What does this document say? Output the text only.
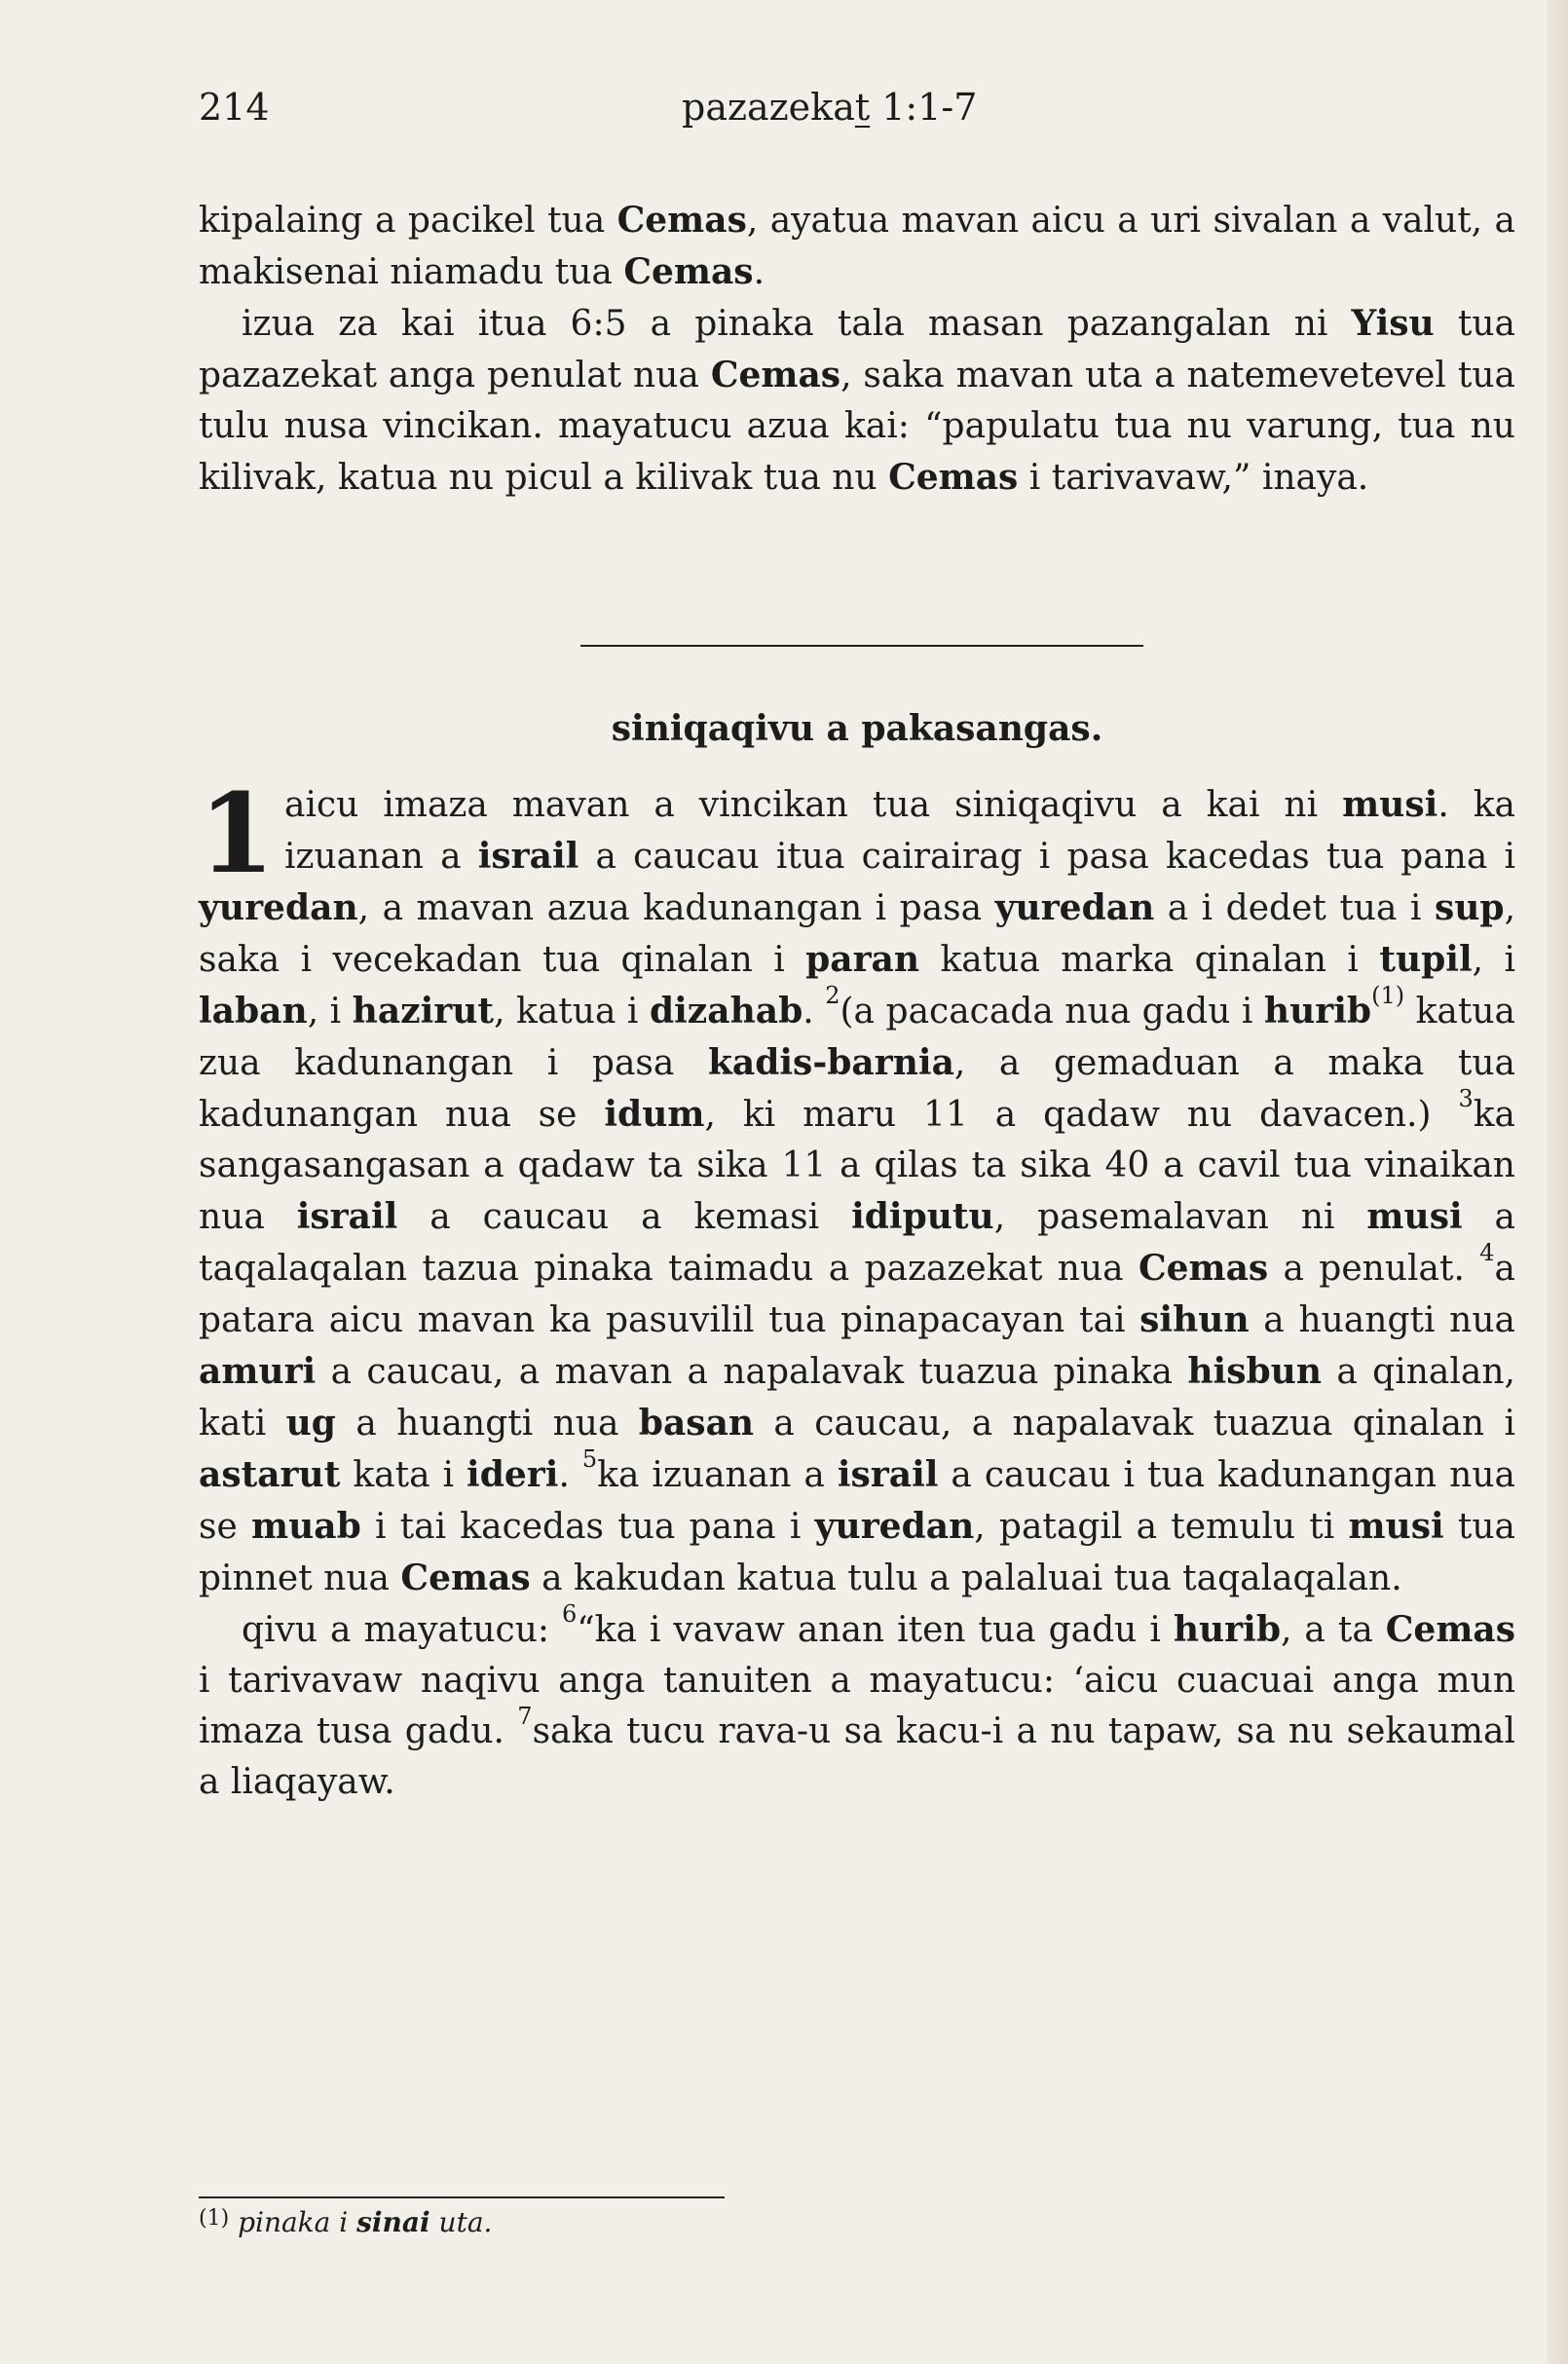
214	pazazekat 1:1-7

kipalaing a pacikel tua Cemas, ayatua mavan aicu a uri sivalan a valut, a makisenai niamadu tua Cemas.

izua za kai itua 6:5 a pinaka tala masan pazangalan ni Yisu tua pazazekat anga penulat nua Cemas, saka mavan uta a natemevetevel tua tulu nusa vincikan. mayatucu azua kai: “papulatu tua nu varung, tua nu kilivak, katua nu picul a kilivak tua nu Cemas i tarivavaw,” inaya.

siniqaqivu a pakasangas.

1 aicu imaza mavan a vincikan tua siniqaqivu a kai ni musi. ka izuanan a israil a caucau itua cairairag i pasa kacedas tua pana i yuredan, a mavan azua kadunangan i pasa yuredan a i dedet tua i sup, saka i vecekadan tua qinalan i paran katua marka qinalan i tupil, i laban, i hazirut, katua i dizahab. $^2$(a pacacada nua gadu i hurib$^{(1)}$ katua zua kadunangan i pasa kadis-barnia, a gemaduan a maka tua kadunangan nua se idum, ki maru 11 a qadaw nu davacen.) $^3$ka sangasangasan a qadaw ta sika 11 a qilas ta sika 40 a cavil tua vinaikan nua israil a caucau a kemasi idiputu, pasemalavan ni musi a taqalaqalan tazua pinaka taimadu a pazazekat nua Cemas a penulat. $^4$a patara aicu mavan ka pasuvilil tua pinapacayan tai sihun a huangti nua amuri a caucau, a mavan a napalavak tuazua pinaka hisbun a qinalan, kati ug a huangti nua basan a caucau, a napalavak tuazua qinalan i astarut kata i ideri. $^5$ka izuanan a israil a caucau i tua kadunangan nua se muab i tai kacedas tua pana i yuredan, patagil a temulu ti musi tua pinnet nua Cemas a kakudan katua tulu a palaluai tua taqalaqalan.

qivu a mayatucu: $^6$“ka i vavaw anan iten tua gadu i hurib, a ta Cemas i tarivavaw naqivu anga tanuiten a mayatucu: ‘aicu cuacuai anga mun imaza tusa gadu. $^7$saka tucu rava-u sa kacu-i a nu tapaw, sa nu sekaumal a liaqayaw.

$^{(1)}$ pinaka i sinai uta.
